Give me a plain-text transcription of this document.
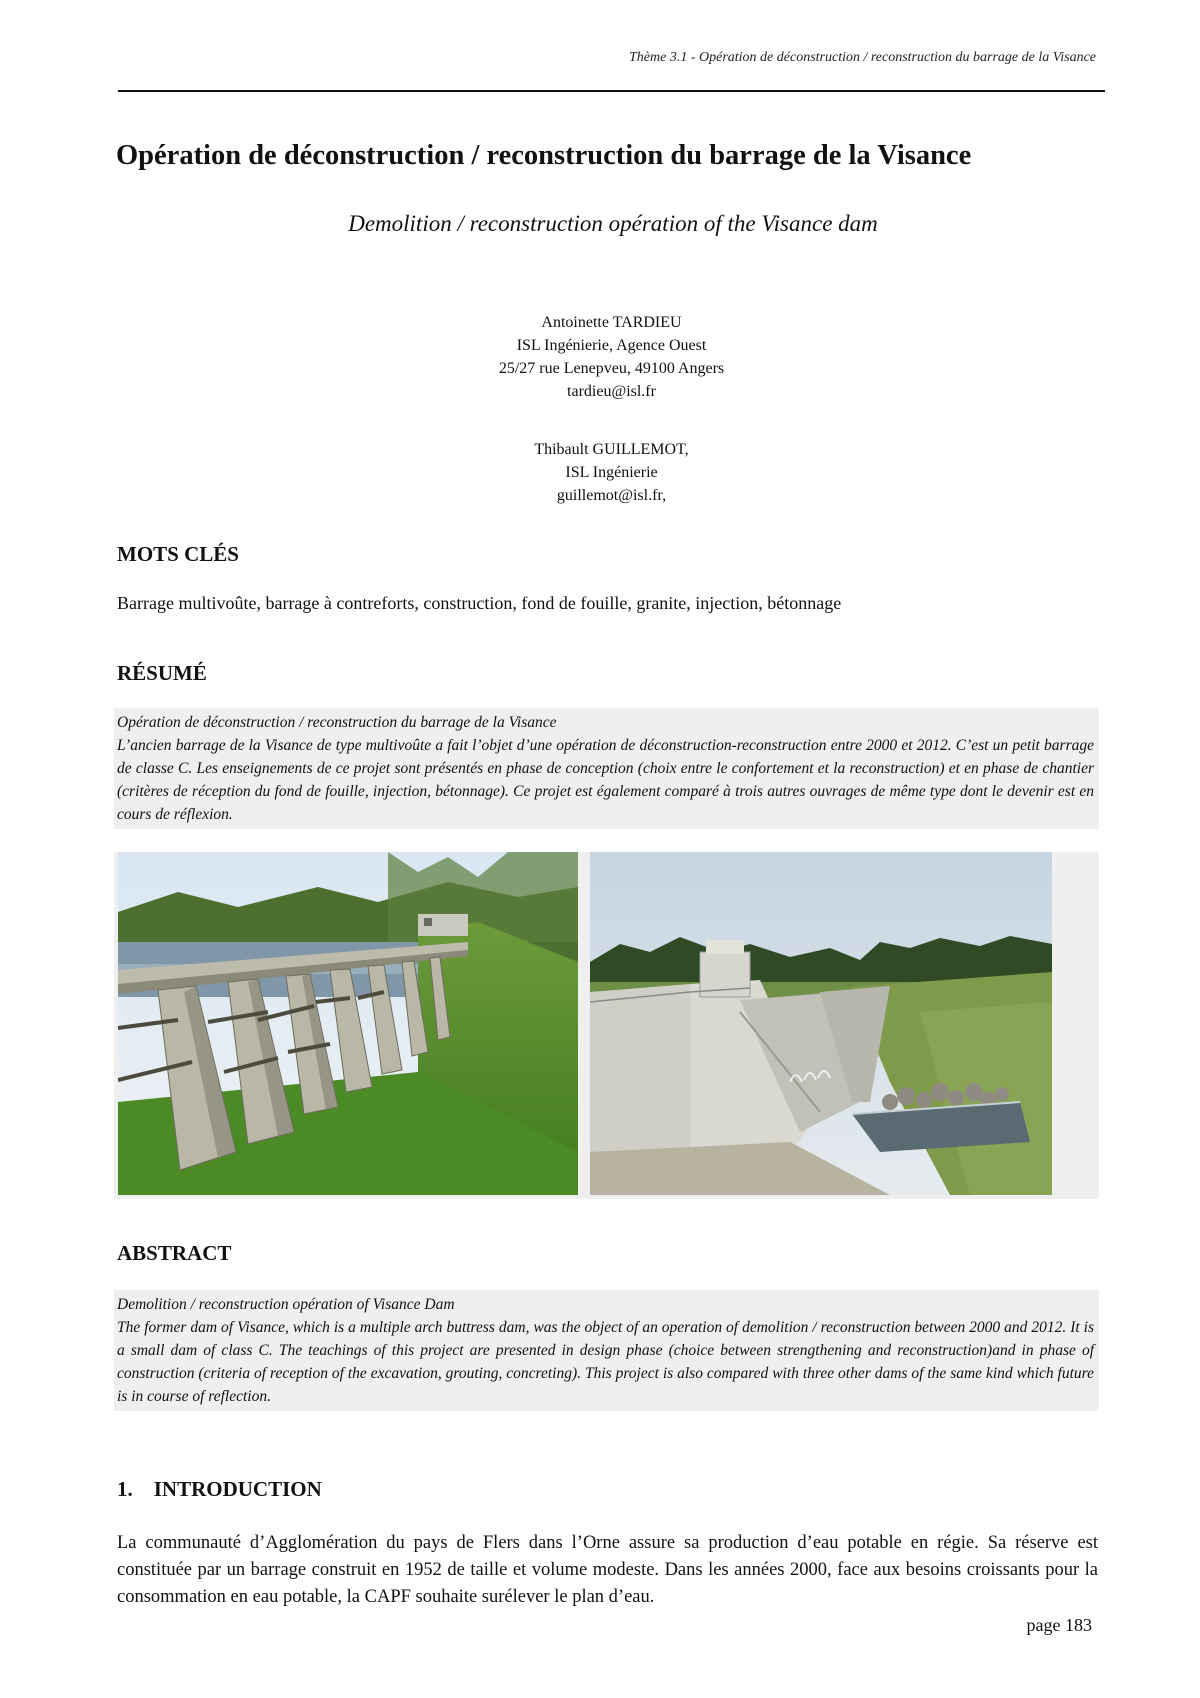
Thème 3.1 - Opération de déconstruction / reconstruction du barrage de la Visance
Opération de déconstruction / reconstruction du barrage de la Visance
Demolition / reconstruction opération of the Visance dam
Antoinette TARDIEU
ISL Ingénierie, Agence Ouest
25/27 rue Lenepveu, 49100 Angers
tardieu@isl.fr
Thibault GUILLEMOT,
ISL Ingénierie
guillemot@isl.fr,
MOTS CLÉS

Barrage multivoûte, barrage à contreforts, construction, fond de fouille, granite, injection, bétonnage

RÉSUMÉ

Opération de déconstruction / reconstruction du barrage de la Visance

L’ancien barrage de la Visance de type multivoûte a fait l’objet d’une opération de déconstruction-reconstruction entre 2000 et 2012. C’est un petit barrage de classe C. Les enseignements de ce projet sont présentés en phase de conception (choix entre le confortement et la reconstruction) et en phase de chantier (critères de réception du fond de fouille, injection, bétonnage). Ce projet est également comparé à trois autres ouvrages de même type dont le devenir est en cours de réflexion.

ABSTRACT

Demolition / reconstruction opération of Visance Dam

The former dam of Visance, which is a multiple arch buttress dam, was the object of an operation of demolition / reconstruction between 2000 and 2012. It is a small dam of class C. The teachings of this project are presented in design phase (choice between strengthening and reconstruction)and in phase of construction (criteria of reception of the excavation, grouting, concreting). This project is also compared with three other dams of the same kind which future is in course of reflection.

1.    INTRODUCTION

La communauté d’Agglomération du pays de Flers dans l’Orne assure sa production d’eau potable en régie. Sa réserve est constituée par un barrage construit en 1952 de taille et volume modeste. Dans les années 2000, face aux besoins croissants pour la consommation en eau potable, la CAPF souhaite surélever le plan d’eau.

page 183
